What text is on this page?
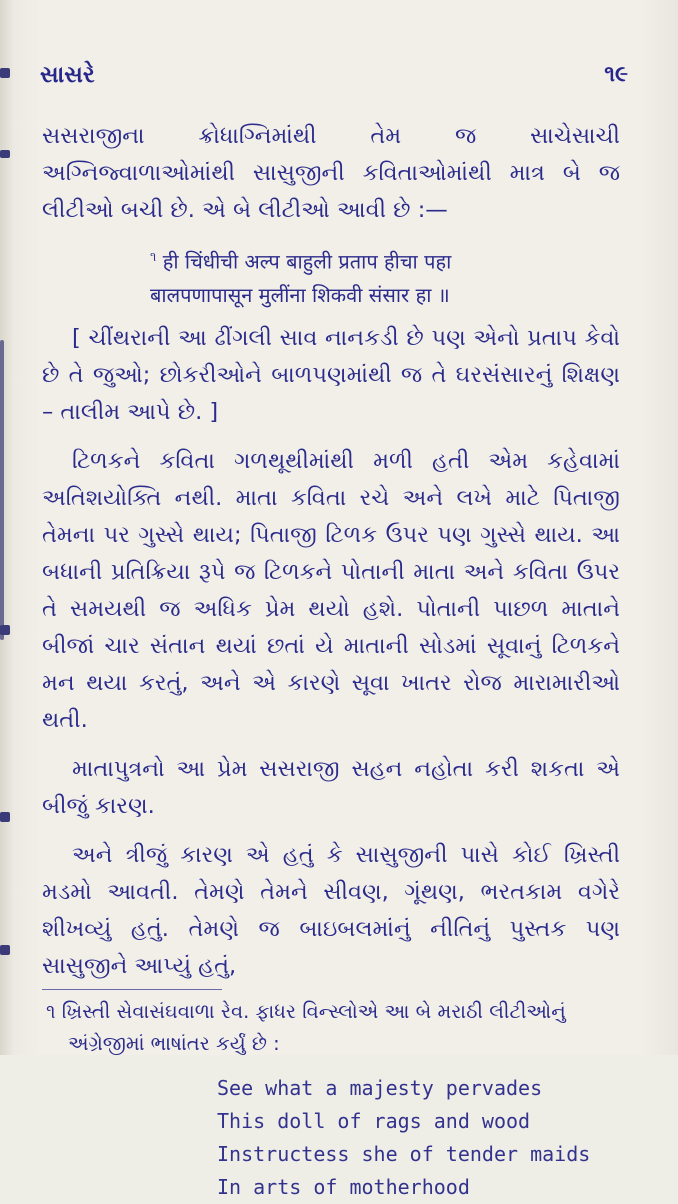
સાસરે	૧૯

સસરાજીના ક્રોધાગ્નિમાંથી તેમ જ સાચેસાચી અગ્નિજ્વાળાઓમાંથી સાસુજીની કવિતાઓમાંથી માત્ર બે જ લીટીઓ બચી છે. એ બે લીટીઓ આવી છે :—

$^૧$ ही चिंधीची अल्प बाहुली प्रताप हीचा पहा
बालपणापासून मुलींना शिकवी संसार हा ॥

[ ચીંથરાની આ ઢીંગલી સાવ નાનકડી છે પણ એનો પ્રતાપ કેવો છે તે જુઓ; છોકરીઓને બાળપણમાંથી જ તે ઘરસંસારનું શિક્ષણ – તાલીમ આપે છે. ]

ટિળકને કવિતા ગળથૂથીમાંથી મળી હતી એમ કહેવામાં અતિશયોક્તિ નથી. માતા કવિતા રચે અને લખે માટે પિતાજી તેમના પર ગુસ્સે થાય; પિતાજી ટિળક ઉપર પણ ગુસ્સે થાય. આ બધાની પ્રતિક્રિયા રૂપે જ ટિળકને પોતાની માતા અને કવિતા ઉપર તે સમયથી જ અધિક પ્રેમ થયો હશે. પોતાની પાછળ માતાને બીજાં ચાર સંતાન થયાં છતાં યે માતાની સોડમાં સૂવાનું ટિળકને મન થયા કરતું, અને એ કારણે સૂવા ખાતર રોજ મારામારીઓ થતી.

માતાપુત્રનો આ પ્રેમ સસરાજી સહન નહોતા કરી શકતા એ બીજું કારણ.

અને ત્રીજું કારણ એ હતું કે સાસુજીની પાસે કોઈ ખ્રિસ્તી મડમો આવતી. તેમણે તેમને સીવણ, ગૂંથણ, ભરતકામ વગેરે શીખવ્યું હતું. તેમણે જ બાઇબલમાંનું નીતિનું પુસ્તક પણ સાસુજીને આપ્યું હતું,

૧ ખ્રિસ્તી સેવાસંઘવાળા રેવ. ફાધર વિન્સ્લોએ આ બે મરાઠી લીટીઓનું
અંગ્રેજીમાં ભાષાંતર કર્યું છે :

See what a majesty pervades
This doll of rags and wood
Instructess she of tender maids
In arts of motherhood
